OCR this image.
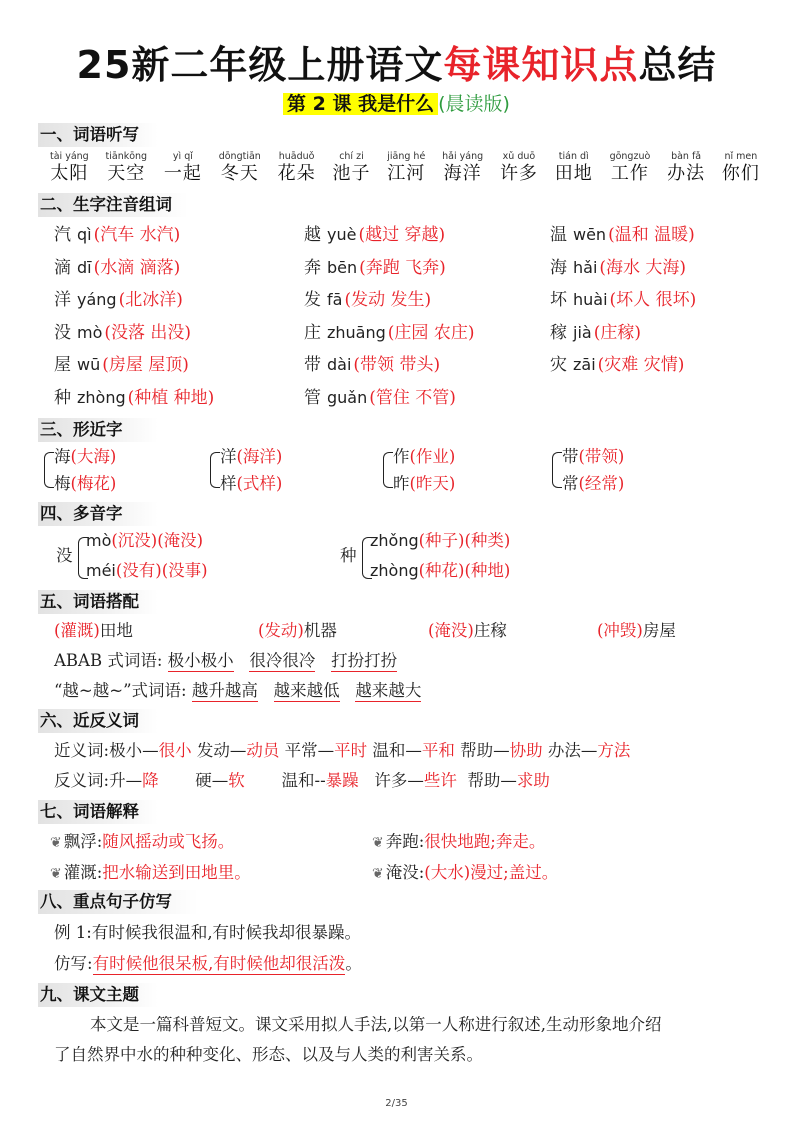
25新二年级上册语文每课知识点总结
第 2 课 我是什么 (晨读版)
一、词语听写
tài yáng
太阳
tiānkōng
天空
yì qǐ
一起
dōngtiān
冬天
huāduǒ
花朵
chí zi
池子
jiāng hé
江河
hǎi yáng
海洋
xǔ duō
许多
tián dì
田地
gōngzuò
工作
bàn fǎ
办法
nǐ men
你们
二、生字注音组词
汽 qì (汽车 水汽)	越 yuè (越过 穿越)	温 wēn (温和 温暖)
滴 dī (水滴 滴落)	奔 bēn (奔跑 飞奔)	海 hǎi (海水 大海)
洋 yáng (北冰洋)	发 fā (发动 发生)	坏 huài (坏人 很坏)
没 mò (没落 出没)	庄 zhuāng (庄园 农庄)	稼 jià (庄稼)
屋 wū (房屋 屋顶)	带 dài (带领 带头)	灾 zāi (灾难 灾情)
种 zhòng (种植 种地)	管 guǎn (管住 不管)
三、形近字
海(大海)
梅(梅花)
洋(海洋)
样(式样)
作(作业)
昨(昨天)
带(带领)
常(经常)
四、多音字
没
mò(沉没)(淹没)
méi(没有)(没事)
种
zhǒng(种子)(种类)
zhòng(种花)(种地)
五、词语搭配
(灌溉)田地	(发动)机器	(淹没)庄稼	(冲毁)房屋
ABAB 式词语: 极小极小 很冷很冷 打扮打扮
“越~越~”式词语: 越升越高 越来越低 越来越大
六、近反义词
近义词:极小—很小 发动—动员 平常—平时 温和—平和 帮助—协助 办法—方法
反义词:升—降 硬—软 温和--暴躁 许多—些许 帮助—求助
七、词语解释
❦ 飘浮:随风摇动或飞扬。	❦ 奔跑:很快地跑;奔走。
❦ 灌溉:把水输送到田地里。	❦ 淹没:(大水)漫过;盖过。
八、重点句子仿写
例 1:有时候我很温和,有时候我却很暴躁。
仿写:有时候他很呆板,有时候他却很活泼。
九、课文主题
本文是一篇科普短文。课文采用拟人手法,以第一人称进行叙述,生动形象地介绍
了自然界中水的种种变化、形态、以及与人类的利害关系。
2/35
